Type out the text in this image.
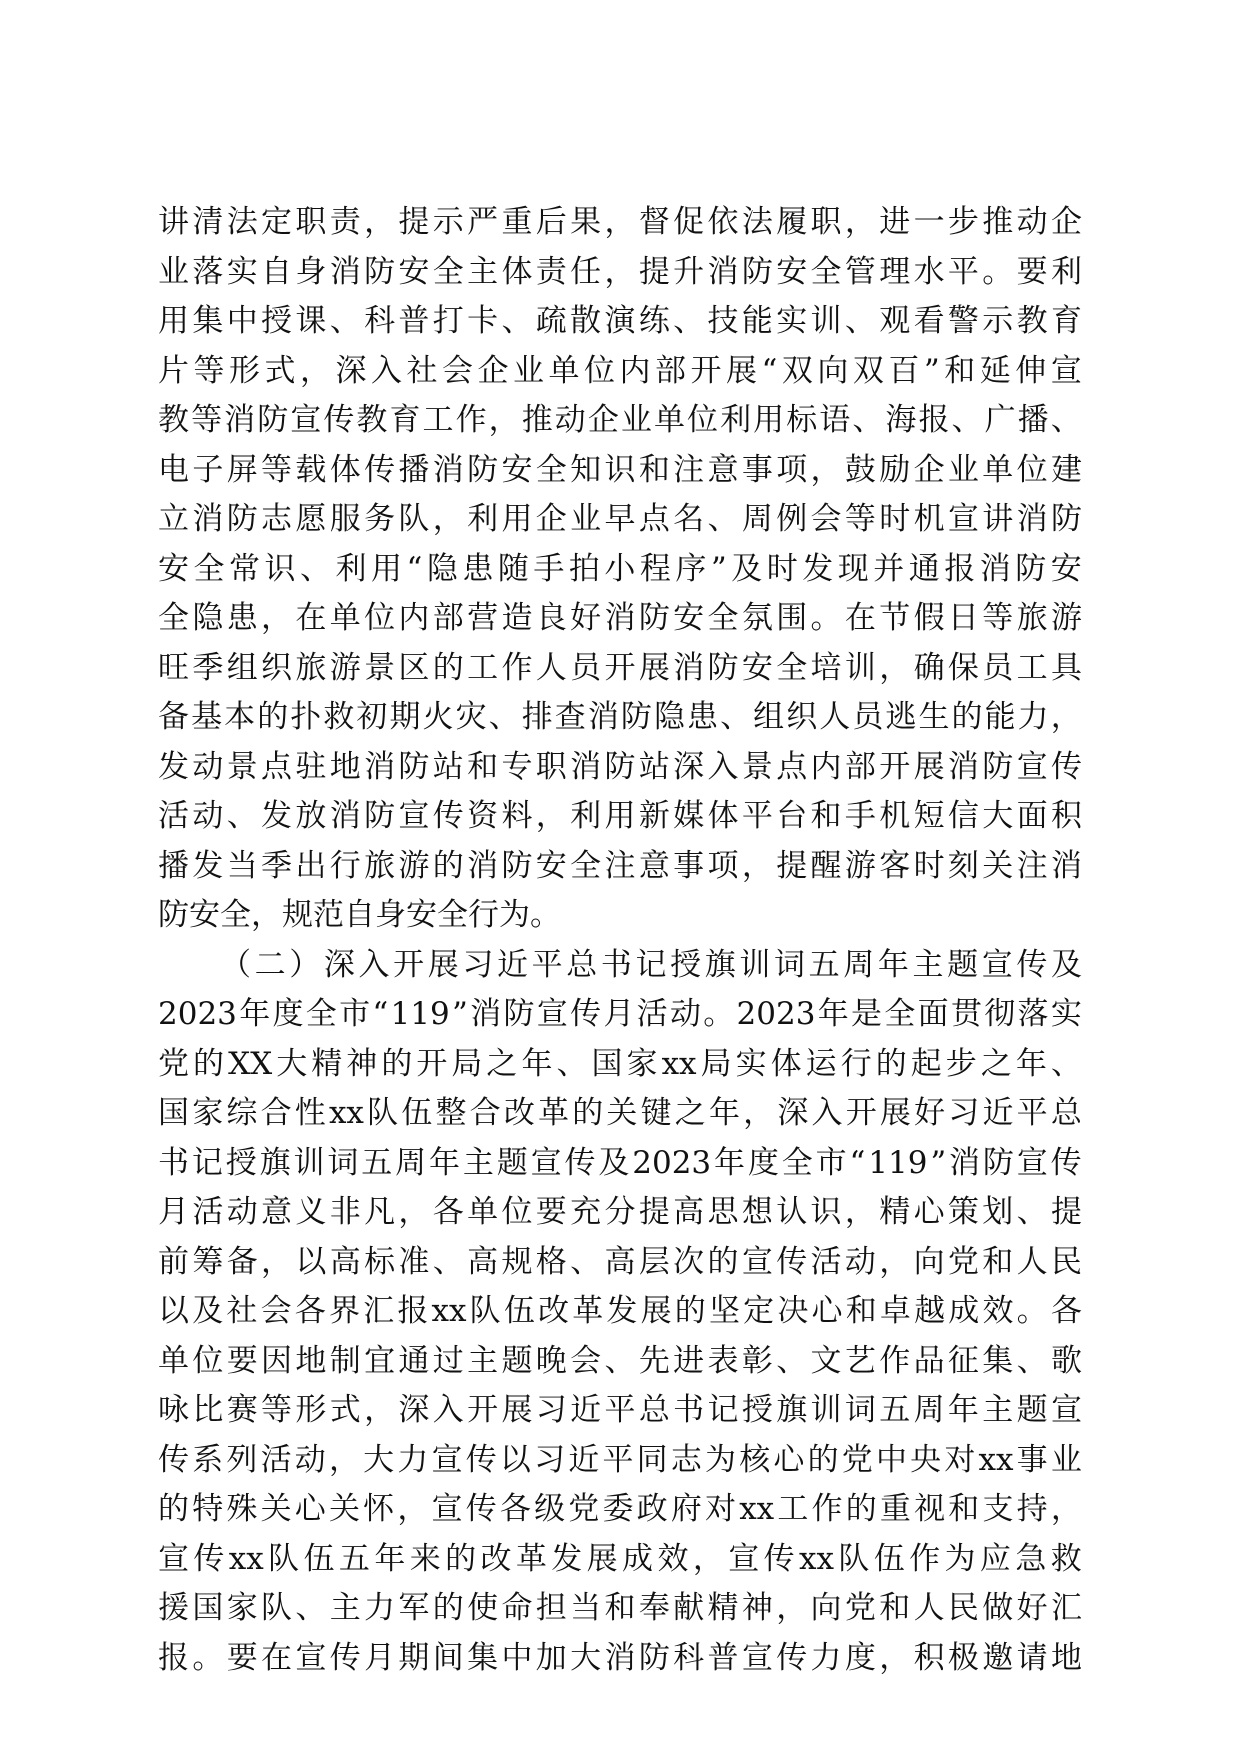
讲 清 法 定 职 责 ， 提 示 严 重 后 果 ， 督 促 依 法 履 职 ， 进 一 步 推 动 企
业 落 实 自 身 消 防 安 全 主 体 责 任 ， 提 升 消 防 安 全 管 理 水 平 。 要 利
用 集 中 授 课 、 科 普 打 卡 、 疏 散 演 练 、 技 能 实 训 、 观 看 警 示 教 育
片 等 形 式 ， 深 入 社 会 企 业 单 位 内 部 开 展 “ 双 向 双 百 ” 和 延 伸 宣
教 等 消 防 宣 传 教 育 工 作 ， 推 动 企 业 单 位 利 用 标 语 、 海 报 、 广 播 、
电 子 屏 等 载 体 传 播 消 防 安 全 知 识 和 注 意 事 项 ， 鼓 励 企 业 单 位 建
立 消 防 志 愿 服 务 队 ， 利 用 企 业 早 点 名 、 周 例 会 等 时 机 宣 讲 消 防
安 全 常 识 、 利 用 “ 隐 患 随 手 拍 小 程 序 ” 及 时 发 现 并 通 报 消 防 安
全 隐 患 ， 在 单 位 内 部 营 造 良 好 消 防 安 全 氛 围 。 在 节 假 日 等 旅 游
旺 季 组 织 旅 游 景 区 的 工 作 人 员 开 展 消 防 安 全 培 训 ， 确 保 员 工 具
备 基 本 的 扑 救 初 期 火 灾 、 排 查 消 防 隐 患 、 组 织 人 员 逃 生 的 能 力 ，
发 动 景 点 驻 地 消 防 站 和 专 职 消 防 站 深 入 景 点 内 部 开 展 消 防 宣 传
活 动 、 发 放 消 防 宣 传 资 料 ， 利 用 新 媒 体 平 台 和 手 机 短 信 大 面 积
播 发 当 季 出 行 旅 游 的 消 防 安 全 注 意 事 项 ， 提 醒 游 客 时 刻 关 注 消
防 安 全 ， 规 范 自 身 安 全 行 为 。
（ 二 ） 深 入 开 展 习 近 平 总 书 记 授 旗 训 词 五 周 年 主 题 宣 传 及
2023 年 度 全 市 “ 119 ” 消 防 宣 传 月 活 动 。 2023 年 是 全 面 贯 彻 落 实
党 的 XX 大 精 神 的 开 局 之 年 、 国 家 xx 局 实 体 运 行 的 起 步 之 年 、
国 家 综 合 性 xx 队 伍 整 合 改 革 的 关 键 之 年 ， 深 入 开 展 好 习 近 平 总
书 记 授 旗 训 词 五 周 年 主 题 宣 传 及 2023 年 度 全 市 “ 119 ” 消 防 宣 传
月 活 动 意 义 非 凡 ， 各 单 位 要 充 分 提 高 思 想 认 识 ， 精 心 策 划 、 提
前 筹 备 ， 以 高 标 准 、 高 规 格 、 高 层 次 的 宣 传 活 动 ， 向 党 和 人 民
以 及 社 会 各 界 汇 报 xx 队 伍 改 革 发 展 的 坚 定 决 心 和 卓 越 成 效 。 各
单 位 要 因 地 制 宜 通 过 主 题 晚 会 、 先 进 表 彰 、 文 艺 作 品 征 集 、 歌
咏 比 赛 等 形 式 ， 深 入 开 展 习 近 平 总 书 记 授 旗 训 词 五 周 年 主 题 宣
传 系 列 活 动 ， 大 力 宣 传 以 习 近 平 同 志 为 核 心 的 党 中 央 对 xx 事 业
的 特 殊 关 心 关 怀 ， 宣 传 各 级 党 委 政 府 对 xx 工 作 的 重 视 和 支 持 ，
宣 传 xx 队 伍 五 年 来 的 改 革 发 展 成 效 ， 宣 传 xx 队 伍 作 为 应 急 救
援 国 家 队 、 主 力 军 的 使 命 担 当 和 奉 献 精 神 ， 向 党 和 人 民 做 好 汇
报 。 要 在 宣 传 月 期 间 集 中 加 大 消 防 科 普 宣 传 力 度 ， 积 极 邀 请 地
